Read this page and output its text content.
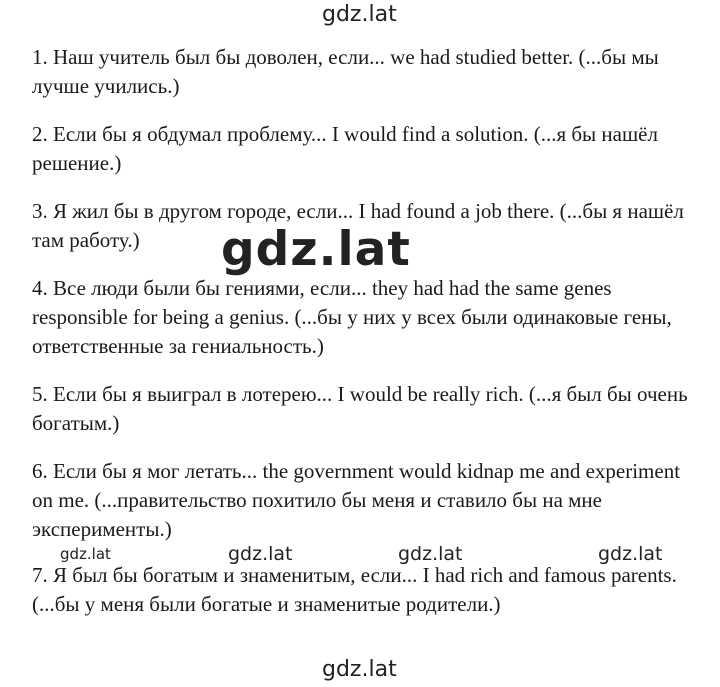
gdz.lat

1. Наш учитель был бы доволен, если... we had studied better. (...бы мы лучше учились.)

2. Если бы я обдумал проблему... I would find a solution. (...я бы нашёл решение.)

3. Я жил бы в другом городе, если... I had found a job there. (...бы я нашёл там работу.)

4. Все люди были бы гениями, если... they had had the same genes responsible for being a genius. (...бы у них у всех были одинаковые гены, ответственные за гениальность.)

5. Если бы я выиграл в лотерею... I would be really rich. (...я был бы очень богатым.)

6. Если бы я мог летать... the government would kidnap me and experiment on me. (...правительство похитило бы меня и ставило бы на мне эксперименты.)

7. Я был бы богатым и знаменитым, если... I had rich and famous parents. (...бы у меня были богатые и знаменитые родители.)

gdz.lat
gdz.lat	gdz.lat	gdz.lat	gdz.lat
gdz.lat
